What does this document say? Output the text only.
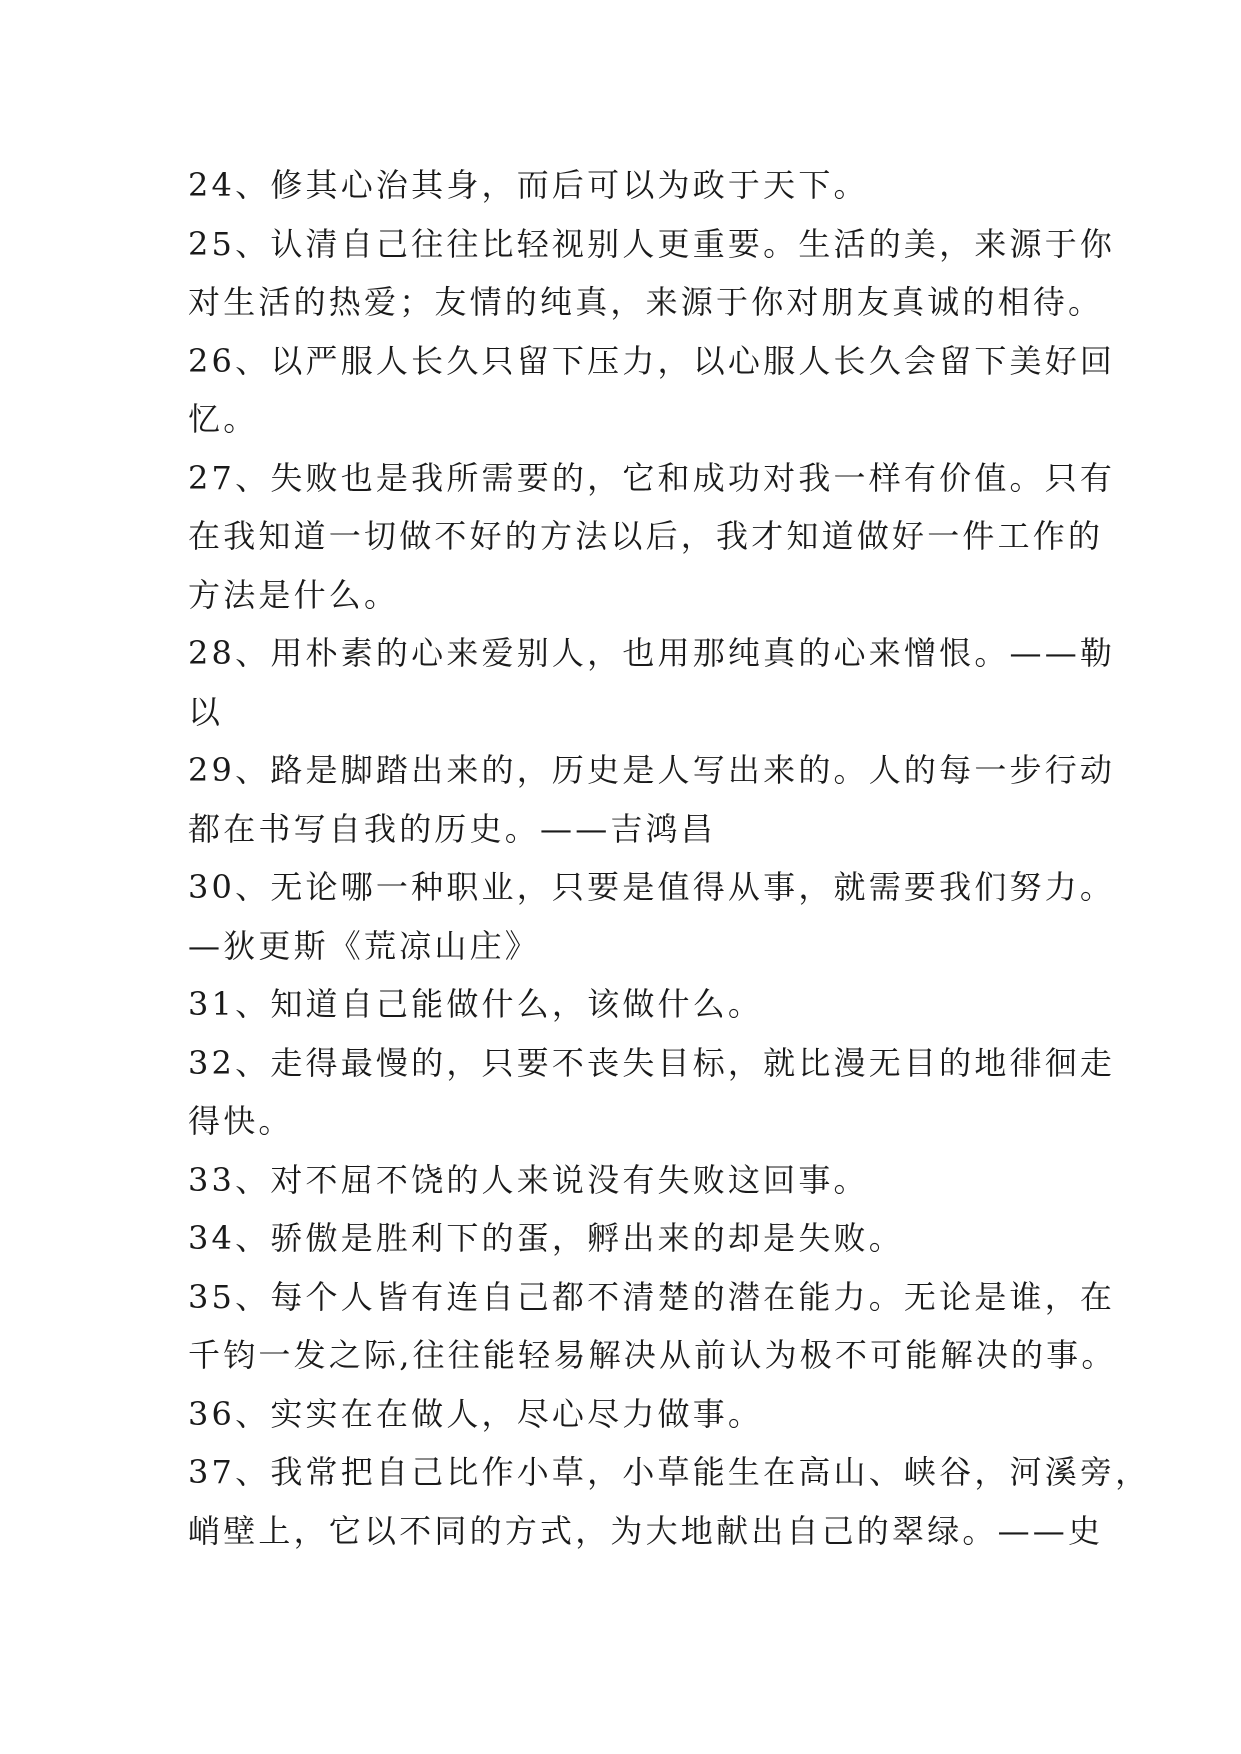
24、修其心治其身，而后可以为政于天下。
25、认清自己往往比轻视别人更重要。生活的美，来源于你
对生活的热爱；友情的纯真，来源于你对朋友真诚的相待。
26、以严服人长久只留下压力，以心服人长久会留下美好回
忆。
27、失败也是我所需要的，它和成功对我一样有价值。只有
在我知道一切做不好的方法以后，我才知道做好一件工作的
方法是什么。
28、用朴素的心来爱别人，也用那纯真的心来憎恨。——勒
以
29、路是脚踏出来的，历史是人写出来的。人的每一步行动
都在书写自我的历史。——吉鸿昌
30、无论哪一种职业，只要是值得从事，就需要我们努力。
—狄更斯《荒凉山庄》
31、知道自己能做什么，该做什么。
32、走得最慢的，只要不丧失目标，就比漫无目的地徘徊走
得快。
33、对不屈不饶的人来说没有失败这回事。
34、骄傲是胜利下的蛋，孵出来的却是失败。
35、每个人皆有连自己都不清楚的潜在能力。无论是谁，在
千钧一发之际,往往能轻易解决从前认为极不可能解决的事。
36、实实在在做人，尽心尽力做事。
37、我常把自己比作小草，小草能生在高山、峡谷，河溪旁，
峭壁上，它以不同的方式，为大地献出自己的翠绿。——史
